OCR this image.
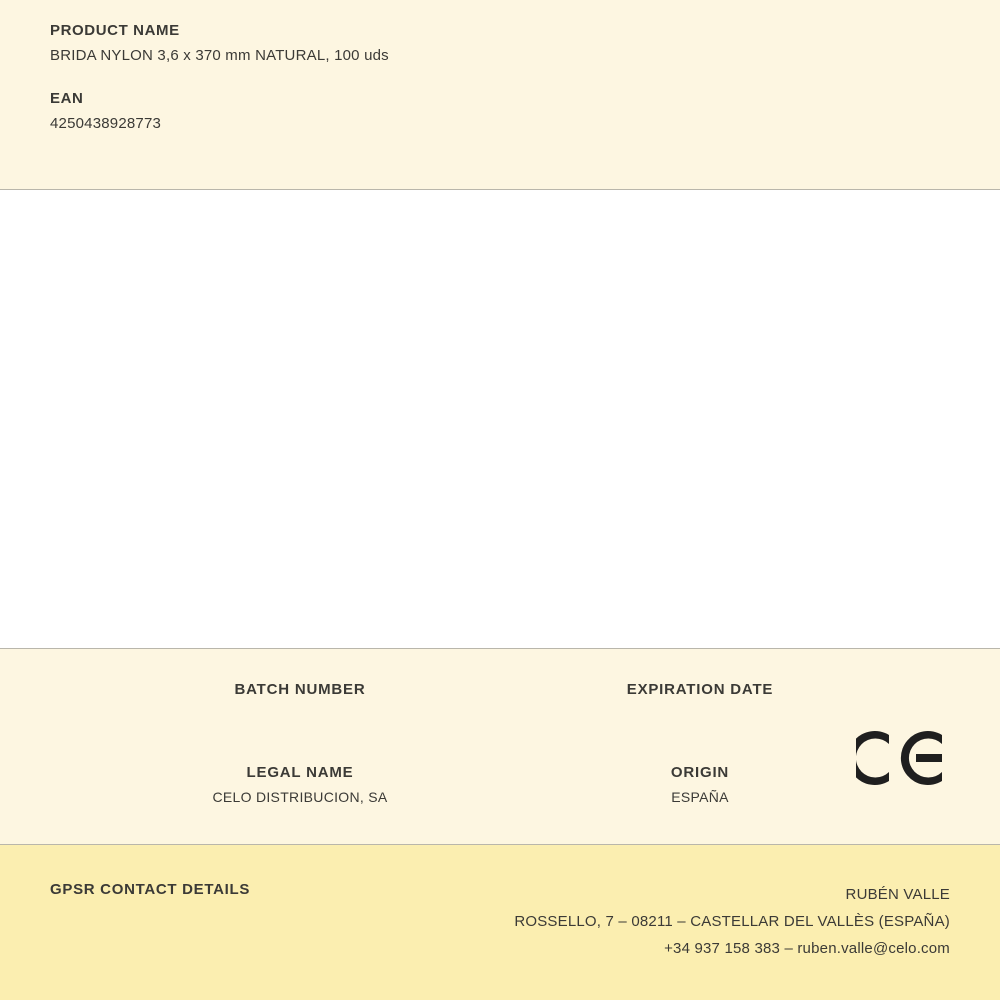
PRODUCT NAME

BRIDA NYLON 3,6 x 370 mm NATURAL, 100 uds

EAN

4250438928773

BATCH NUMBER	EXPIRATION DATE

LEGAL NAME

CELO DISTRIBUCION, SA

ORIGIN

ESPAÑA

GPSR CONTACT DETAILS	RUBÉN VALLE
ROSSELLO, 7 – 08211 – CASTELLAR DEL VALLÈS (ESPAÑA)
+34 937 158 383 – ruben.valle@celo.com
